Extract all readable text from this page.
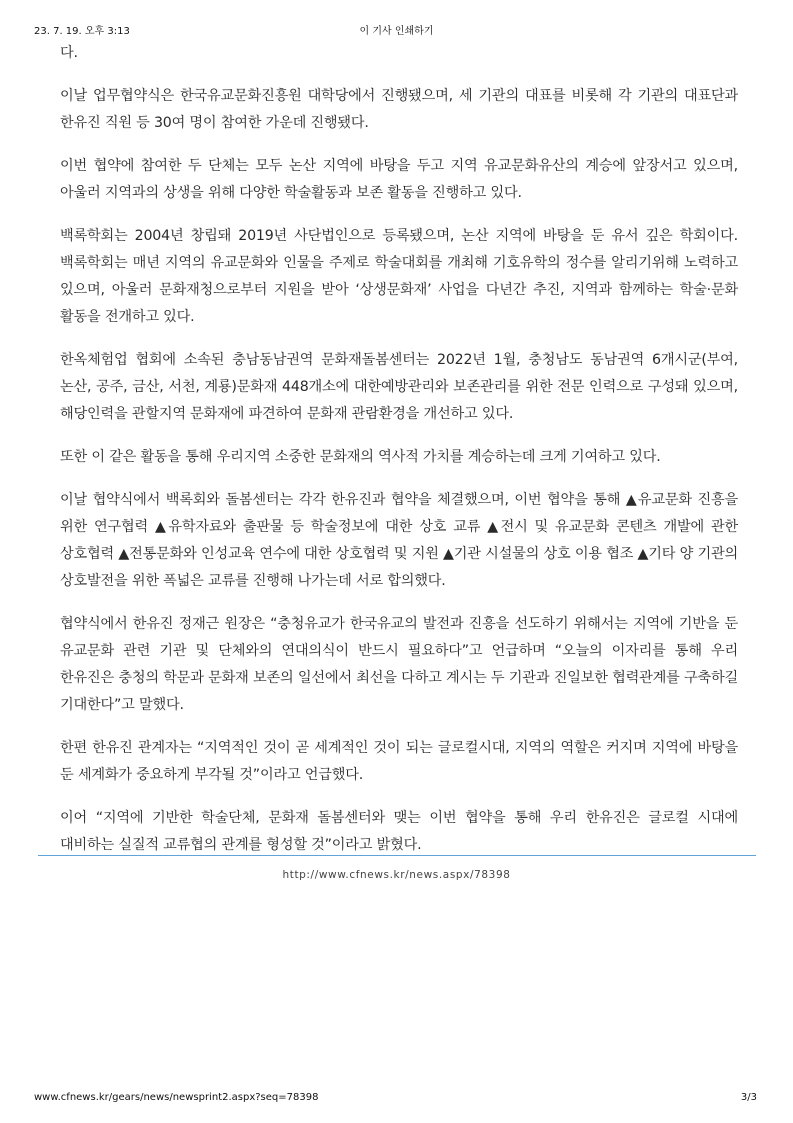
23. 7. 19. 오후 3:13	이 기사 인쇄하기

다.

이날 업무협약식은 한국유교문화진흥원 대학당에서 진행됐으며, 세 기관의 대표를 비롯해 각 기관의 대표단과 한유진 직원 등 30여 명이 참여한 가운데 진행됐다.

이번 협약에 참여한 두 단체는 모두 논산 지역에 바탕을 두고 지역 유교문화유산의 계승에 앞장서고 있으며, 아울러 지역과의 상생을 위해 다양한 학술활동과 보존 활동을 진행하고 있다.

백록학회는 2004년 창립돼 2019년 사단법인으로 등록됐으며, 논산 지역에 바탕을 둔 유서 깊은 학회이다. 백록학회는 매년 지역의 유교문화와 인물을 주제로 학술대회를 개최해 기호유학의 정수를 알리기위해 노력하고 있으며, 아울러 문화재청으로부터 지원을 받아 ‘상생문화재’ 사업을 다년간 추진, 지역과 함께하는 학술·문화 활동을 전개하고 있다.

한옥체험업 협회에 소속된 충남동남권역 문화재돌봄센터는 2022년 1월, 충청남도 동남권역 6개시군(부여, 논산, 공주, 금산, 서천, 계룡)문화재 448개소에 대한예방관리와 보존관리를 위한 전문 인력으로 구성돼 있으며,해당인력을 관할지역 문화재에 파견하여 문화재 관람환경을 개선하고 있다.

또한 이 같은 활동을 통해 우리지역 소중한 문화재의 역사적 가치를 계승하는데 크게 기여하고 있다.

이날 협약식에서 백록회와 돌봄센터는 각각 한유진과 협약을 체결했으며, 이번 협약을 통해 ▲유교문화 진흥을 위한 연구협력 ▲유학자료와 출판물 등 학술정보에 대한 상호 교류 ▲전시 및 유교문화 콘텐츠 개발에 관한 상호협력 ▲전통문화와 인성교육 연수에 대한 상호협력 및 지원 ▲기관 시설물의 상호 이용 협조 ▲기타 양 기관의 상호발전을 위한 폭넓은 교류를 진행해 나가는데 서로 합의했다.

협약식에서 한유진 정재근 원장은 “충청유교가 한국유교의 발전과 진흥을 선도하기 위해서는 지역에 기반을 둔 유교문화 관련 기관 및 단체와의 연대의식이 반드시 필요하다”고 언급하며 “오늘의 이자리를 통해 우리 한유진은 충청의 학문과 문화재 보존의 일선에서 최선을 다하고 계시는 두 기관과 진일보한 협력관계를 구축하길 기대한다”고 말했다.

한편 한유진 관계자는 “지역적인 것이 곧 세계적인 것이 되는 글로컬시대, 지역의 역할은 커지며 지역에 바탕을 둔 세계화가 중요하게 부각될 것”이라고 언급했다.

이어 “지역에 기반한 학술단체, 문화재 돌봄센터와 맺는 이번 협약을 통해 우리 한유진은 글로컬 시대에 대비하는 실질적 교류협의 관계를 형성할 것”이라고 밝혔다.

http://www.cfnews.kr/news.aspx/78398
www.cfnews.kr/gears/news/newsprint2.aspx?seq=78398	3/3
